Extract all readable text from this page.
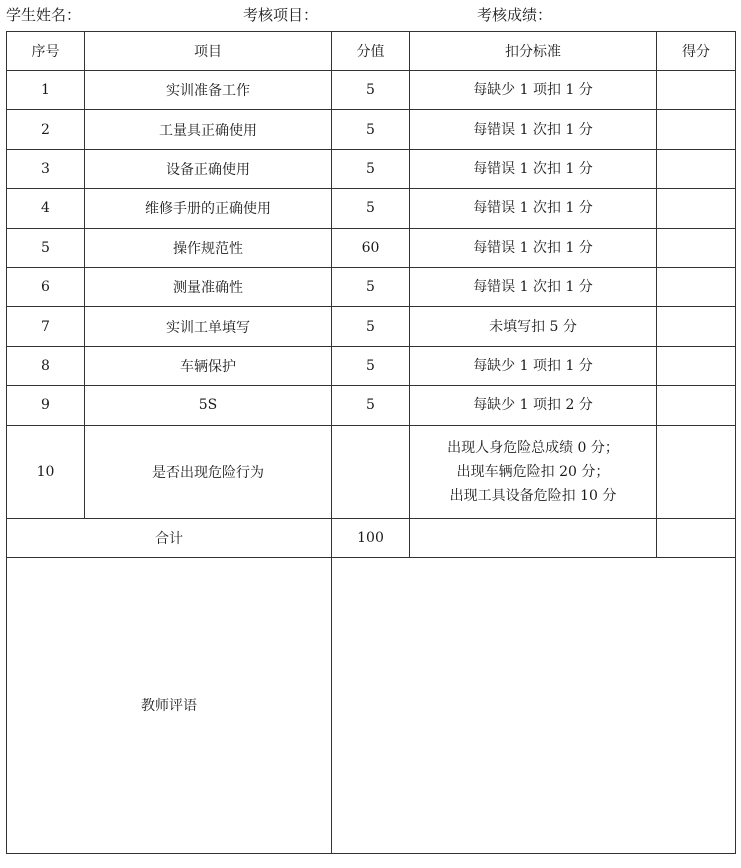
学生姓名：	考核项目：	考核成绩：
序号	项目	分值	扣分标准	得分
1	实训准备工作	5	每缺少 1 项扣 1 分	

2	工量具正确使用	5	每错误 1 次扣 1 分	

3	设备正确使用	5	每错误 1 次扣 1 分	

4	维修手册的正确使用	5	每错误 1 次扣 1 分	

5	操作规范性	60	每错误 1 次扣 1 分	

6	测量准确性	5	每错误 1 次扣 1 分	

7	实训工单填写	5	未填写扣 5 分	

8	车辆保护	5	每缺少 1 项扣 1 分	

9	5S	5	每缺少 1 项扣 2 分	

10	是否出现危险行为		出现人身危险总成绩 0 分；
出现车辆危险扣 20 分；
出现工具设备危险扣 10 分	

合计		100		
教师评语				
